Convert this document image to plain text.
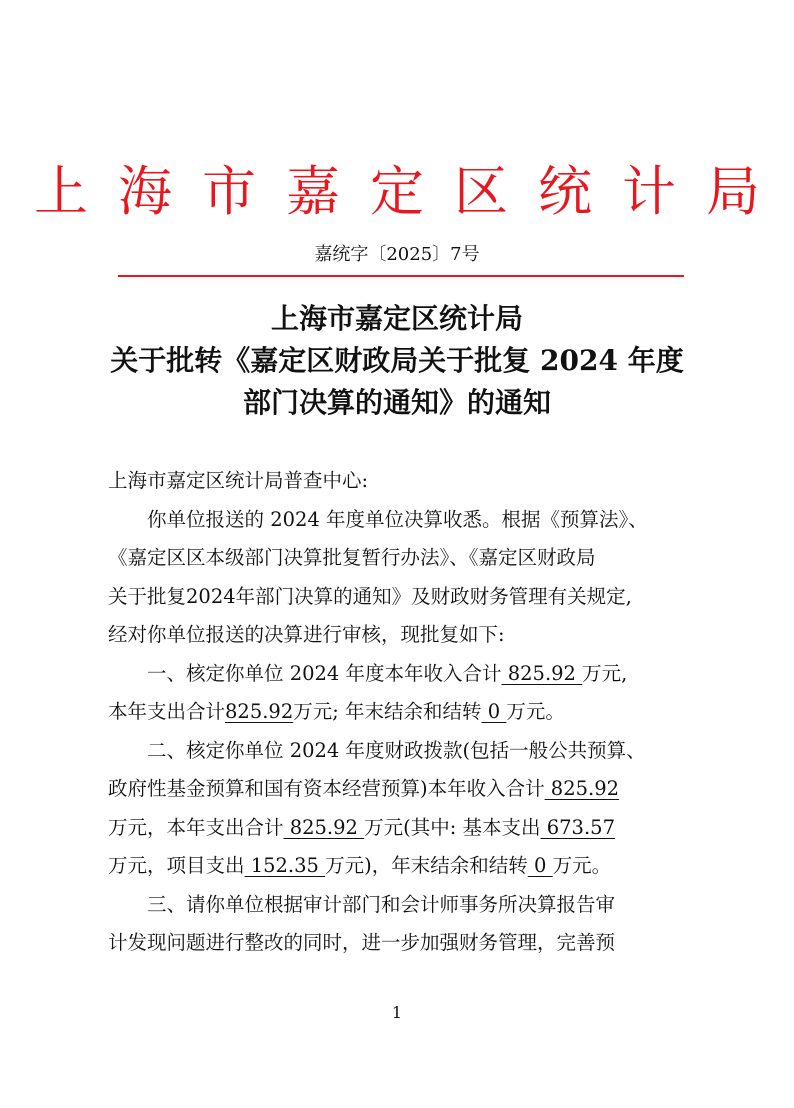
上海市嘉定区统计局
嘉统字〔2025〕7号
上海市嘉定区统计局
关于批转《嘉定区财政局关于批复 2024 年度
部门决算的通知》的通知

上海市嘉定区统计局普查中心:

你单位报送的 2024 年度单位决算收悉。根据《预算法》、

《嘉定区区本级部门决算批复暂行办法》、《嘉定区财政局

关于批复2024年部门决算的通知》及财政财务管理有关规定,

经对你单位报送的决算进行审核，现批复如下:

一、核定你单位 2024 年度本年收入合计 825.92 万元,

本年支出合计825.92万元; 年末结余和结转 0 万元。

二、核定你单位 2024 年度财政拨款(包括一般公共预算、

政府性基金预算和国有资本经营预算)本年收入合计 825.92

万元，本年支出合计 825.92 万元(其中: 基本支出 673.57

万元，项目支出 152.35 万元)，年末结余和结转 0 万元。

三、请你单位根据审计部门和会计师事务所决算报告审

计发现问题进行整改的同时，进一步加强财务管理，完善预

1
